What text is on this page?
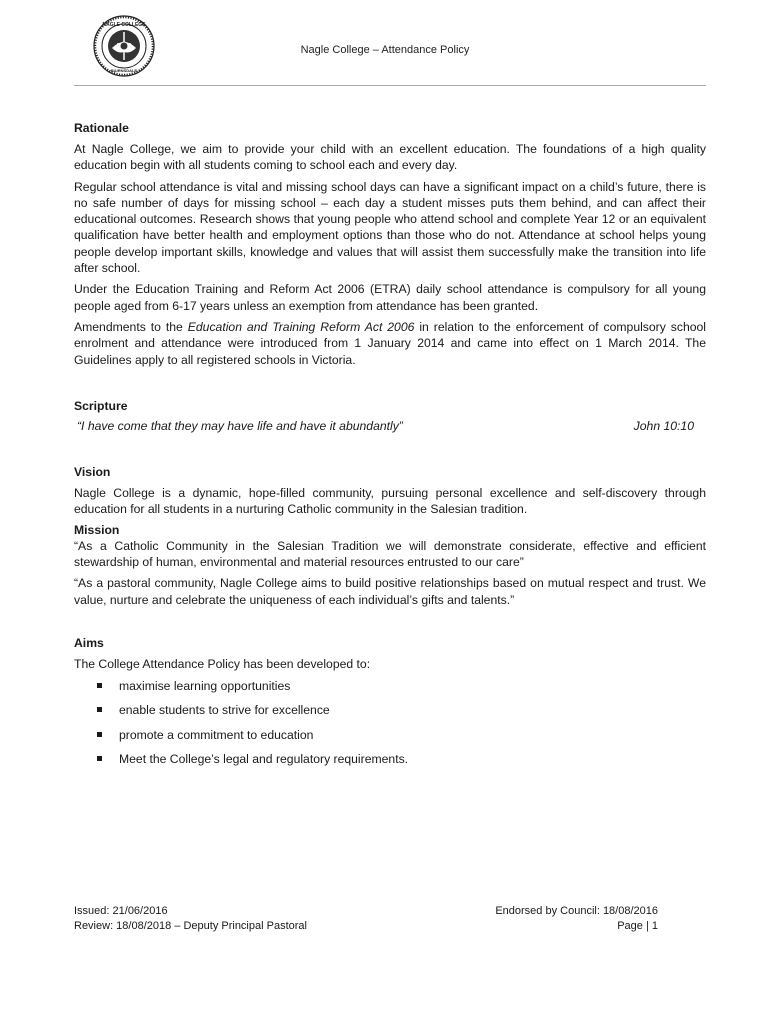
NAGLE COLLEGE
BAIRNSDALE
Nagle College – Attendance Policy
Rationale

At Nagle College, we aim to provide your child with an excellent education. The foundations of a high quality education begin with all students coming to school each and every day.

Regular school attendance is vital and missing school days can have a significant impact on a child’s future, there is no safe number of days for missing school – each day a student misses puts them behind, and can affect their educational outcomes. Research shows that young people who attend school and complete Year 12 or an equivalent qualification have better health and employment options than those who do not. Attendance at school helps young people develop important skills, knowledge and values that will assist them successfully make the transition into life after school.

Under the Education Training and Reform Act 2006 (ETRA) daily school attendance is compulsory for all young people aged from 6-17 years unless an exemption from attendance has been granted.

Amendments to the Education and Training Reform Act 2006 in relation to the enforcement of compulsory school enrolment and attendance were introduced from 1 January 2014 and came into effect on 1 March 2014. The Guidelines apply to all registered schools in Victoria.

Scripture
“I have come that they may have life and have it abundantly”	John 10:10
Vision

Nagle College is a dynamic, hope-filled community, pursuing personal excellence and self-discovery through education for all students in a nurturing Catholic community in the Salesian tradition.

Mission

“As a Catholic Community in the Salesian Tradition we will demonstrate considerate, effective and efficient stewardship of human, environmental and material resources entrusted to our care”

“As a pastoral community, Nagle College aims to build positive relationships based on mutual respect and trust. We value, nurture and celebrate the uniqueness of each individual’s gifts and talents.”

Aims

The College Attendance Policy has been developed to:

maximise learning opportunities
enable students to strive for excellence
promote a commitment to education
Meet the College’s legal and regulatory requirements.
Issued: 21/06/2016	Endorsed by Council: 18/08/2016
Review: 18/08/2018 – Deputy Principal Pastoral	Page | 1
